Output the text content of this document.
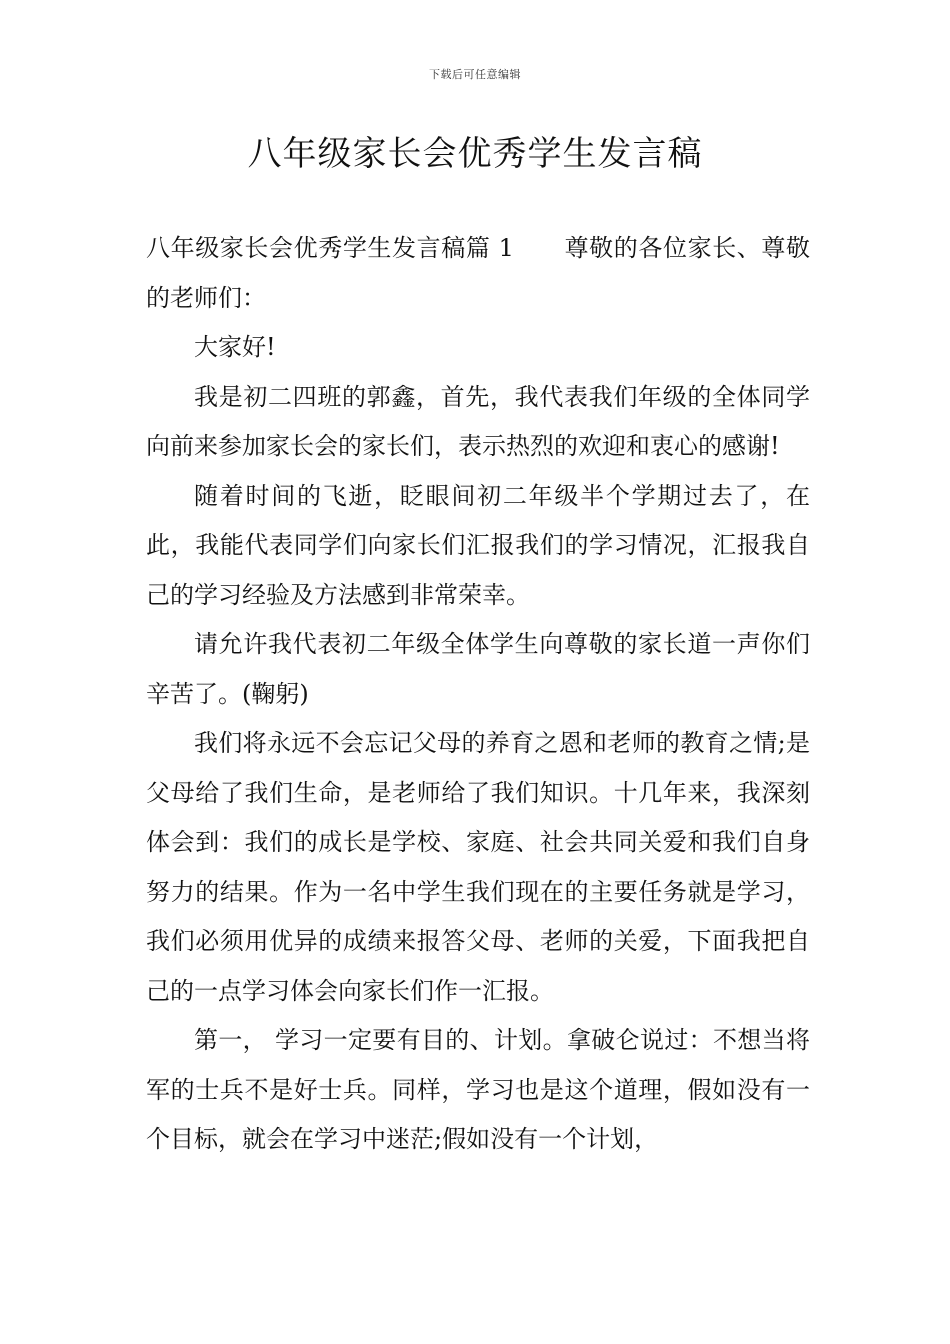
下载后可任意编辑
八年级家长会优秀学生发言稿

八年级家长会优秀学生发言稿篇 1 尊敬的各位家长、尊敬的老师们：

大家好!

我是初二四班的郭鑫，首先，我代表我们年级的全体同学向前来参加家长会的家长们，表示热烈的欢迎和衷心的感谢!

随着时间的飞逝，眨眼间初二年级半个学期过去了，在此，我能代表同学们向家长们汇报我们的学习情况，汇报我自己的学习经验及方法感到非常荣幸。

请允许我代表初二年级全体学生向尊敬的家长道一声你们辛苦了。(鞠躬)

我们将永远不会忘记父母的养育之恩和老师的教育之情;是父母给了我们生命，是老师给了我们知识。十几年来，我深刻体会到：我们的成长是学校、家庭、社会共同关爱和我们自身努力的结果。作为一名中学生我们现在的主要任务就是学习，我们必须用优异的成绩来报答父母、老师的关爱，下面我把自己的一点学习体会向家长们作一汇报。

第一， 学习一定要有目的、计划。拿破仑说过：不想当将军的士兵不是好士兵。同样，学习也是这个道理，假如没有一个目标，就会在学习中迷茫;假如没有一个计划，
